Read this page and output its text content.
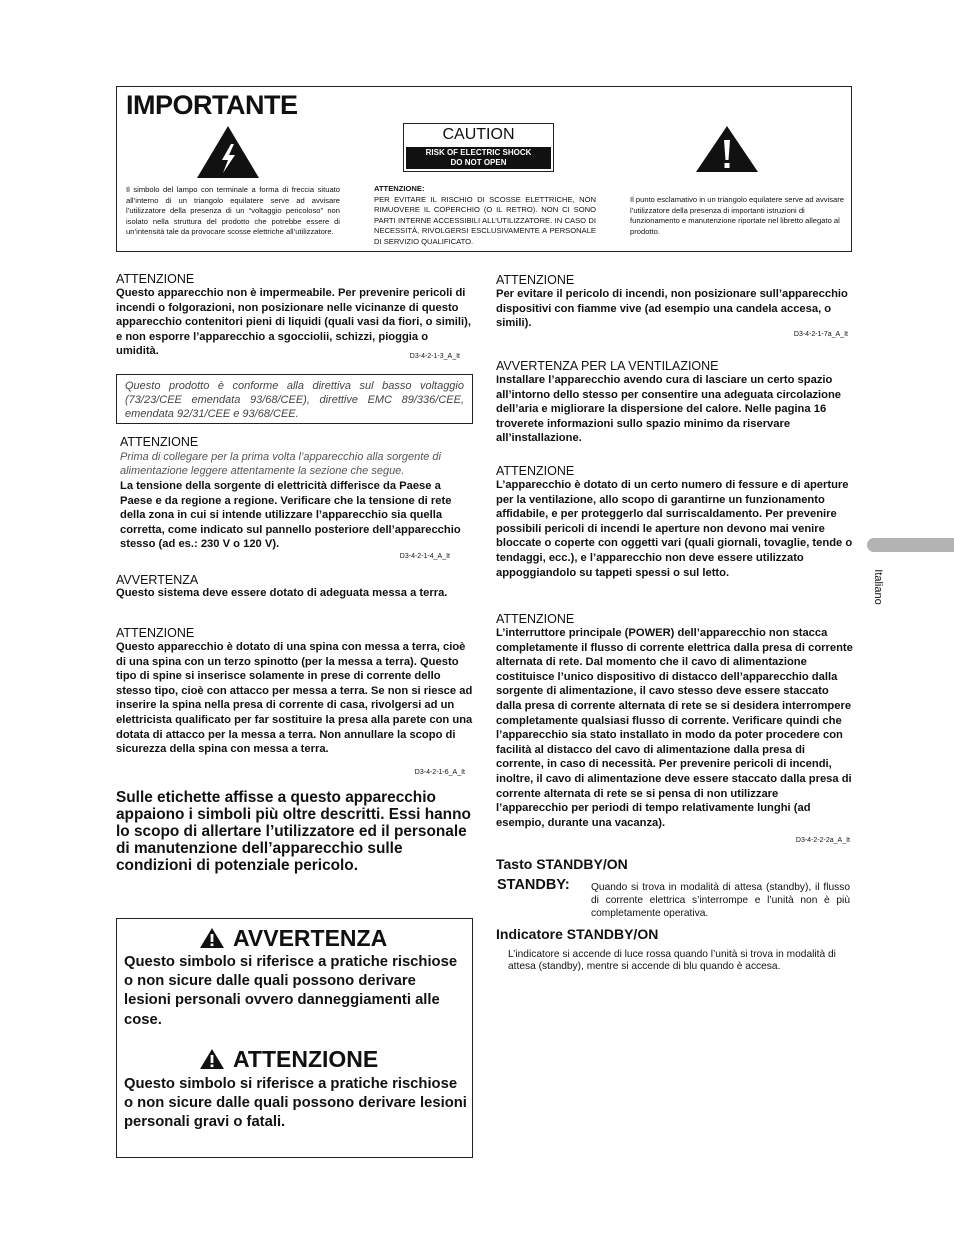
IMPORTANTE
CAUTION
RISK OF ELECTRIC SHOCK
DO NOT OPEN
Il simbolo del lampo con terminale a forma di freccia situato all’interno di un triangolo equilatere serve ad avvisare l’utilizzatore della presenza di un “voltaggio pericoloso” non isolato nella struttura del prodotto che potrebbe essere di un’intensità tale da provocare scosse elettriche all’utilizzatore.

ATTENZIONE:

PER EVITARE IL RISCHIO DI SCOSSE ELETTRICHE, NON RIMUOVERE IL COPERCHIO (O IL RETRO). NON CI SONO PARTI INTERNE ACCESSIBILI ALL’UTILIZZATORE. IN CASO DI NECESSITÀ, RIVOLGERSI ESCLUSIVAMENTE A PERSONALE DI SERVIZIO QUALIFICATO.

Il punto esclamativo in un triangolo equilatere serve ad avvisare l’utilizzatore della presenza di importanti istruzioni di funzionamento e manutenzione riportate nel libretto allegato al prodotto.

ATTENZIONE

Questo apparecchio non è impermeabile. Per prevenire pericoli di incendi o folgorazioni, non posizionare nelle vicinanze di questo apparecchio contenitori pieni di liquidi (quali vasi da fiori, o simili), e non esporre l’apparecchio a sgocciolii, schizzi, pioggia o umidità.	D3-4-2-1-3_A_It

Questo prodotto è conforme alla direttiva sul basso voltaggio (73/23/CEE emendata 93/68/CEE), direttive EMC 89/336/CEE, emendata 92/31/CEE e 93/68/CEE.

ATTENZIONE

Prima di collegare per la prima volta l’apparecchio alla sorgente di alimentazione leggere attentamente la sezione che segue.

La tensione della sorgente di elettricità differisce da Paese a Paese e da regione a regione. Verificare che la tensione di rete della zona in cui si intende utilizzare l’apparecchio sia quella corretta, come indicato sul pannello posteriore dell’apparecchio stesso (ad es.: 230 V o 120 V).

D3-4-2-1-4_A_It

AVVERTENZA

Questo sistema deve essere dotato di adeguata messa a terra.

ATTENZIONE

Questo apparecchio è dotato di una spina con messa a terra, cioè di una spina con un terzo spinotto (per la messa a terra). Questo tipo di spine si inserisce solamente in prese di corrente dello stesso tipo, cioè con attacco per messa a terra. Se non si riesce ad inserire la spina nella presa di corrente di casa, rivolgersi ad un elettricista qualificato per far sostituire la presa alla parete con una dotata di attacco per la messa a terra. Non annullare la scopo di sicurezza della spina con messa a terra.

D3-4-2-1-6_A_It

Sulle etichette affisse a questo apparecchio appaiono i simboli più oltre descritti. Essi hanno lo scopo di allertare l’utilizzatore ed il personale di manutenzione dell’apparecchio sulle condizioni di potenziale pericolo.

AVVERTENZA

Questo simbolo si riferisce a pratiche rischiose o non sicure dalle quali possono derivare lesioni personali ovvero danneggiamenti alle cose.

ATTENZIONE

Questo simbolo si riferisce a pratiche rischiose o non sicure dalle quali possono derivare lesioni personali gravi o fatali.

ATTENZIONE

Per evitare il pericolo di incendi, non posizionare sull’apparecchio dispositivi con fiamme vive (ad esempio una candela accesa, o simili).

D3-4-2-1-7a_A_It

AVVERTENZA PER LA VENTILAZIONE

Installare l’apparecchio avendo cura di lasciare un certo spazio all’intorno dello stesso per consentire una adeguata circolazione dell’aria e migliorare la dispersione del calore. Nelle pagina 16 troverete informazioni sullo spazio minimo da riservare all’installazione.

ATTENZIONE

L’apparecchio è dotato di un certo numero di fessure e di aperture per la ventilazione, allo scopo di garantirne un funzionamento affidabile, e per proteggerlo dal surriscaldamento. Per prevenire possibili pericoli di incendi le aperture non devono mai venire bloccate o coperte con oggetti vari (quali giornali, tovaglie, tende o tendaggi, ecc.), e l’apparecchio non deve essere utilizzato appoggiandolo su tappeti spessi o sul letto.

ATTENZIONE

L’interruttore principale (POWER) dell’apparecchio non stacca completamente il flusso di corrente elettrica dalla presa di corrente alternata di rete. Dal momento che il cavo di alimentazione costituisce l’unico dispositivo di distacco dell’apparecchio dalla sorgente di alimentazione, il cavo stesso deve essere staccato dalla presa di corrente alternata di rete se si desidera interrompere completamente qualsiasi flusso di corrente. Verificare quindi che l’apparecchio sia stato installato in modo da poter procedere con facilità al distacco del cavo di alimentazione dalla presa di corrente, in caso di necessità. Per prevenire pericoli di incendi, inoltre, il cavo di alimentazione deve essere staccato dalla presa di corrente alternata di rete se si pensa di non utilizzare l’apparecchio per periodi di tempo relativamente lunghi (ad esempio, durante una vacanza).

D3-4-2-2-2a_A_It

Tasto STANDBY/ON

STANDBY: Quando si trova in modalità di attesa (standby), il flusso di corrente elettrica s’interrompe e l’unità non è più completamente operativa.

Indicatore STANDBY/ON

L’indicatore si accende di luce rossa quando l’unità si trova in modalità di attesa (standby), mentre si accende di blu quando è accesa.
Italiano
